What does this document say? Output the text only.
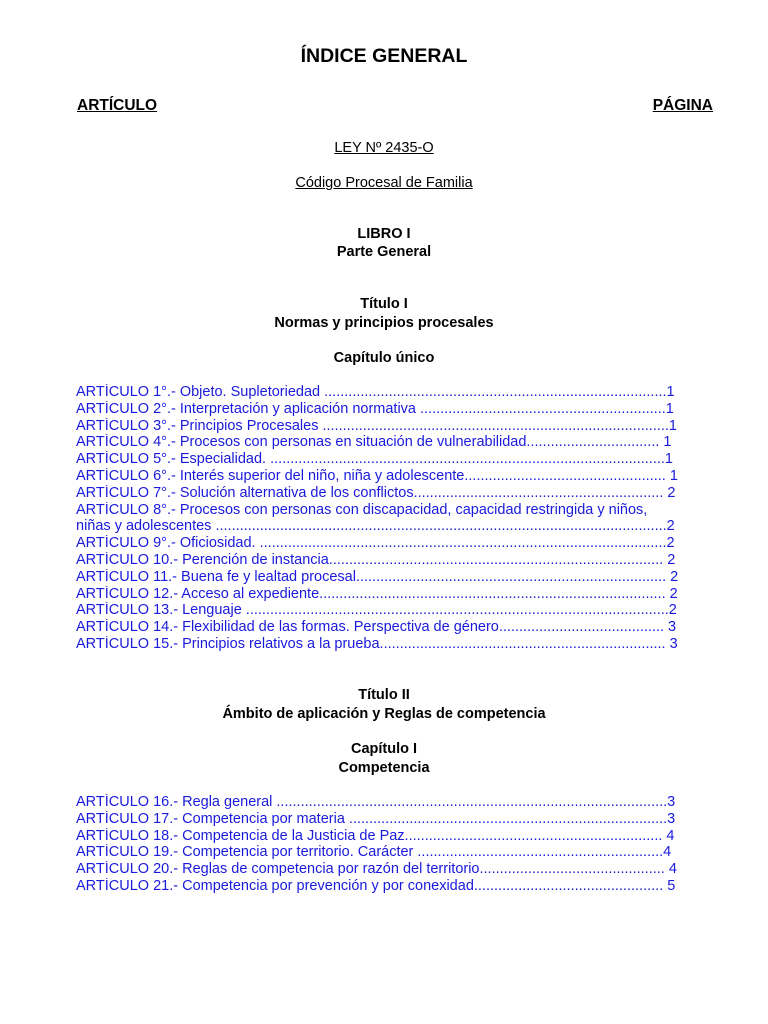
ÍNDICE GENERAL
ARTÍCULO	PÁGINA
LEY Nº 2435-O
Código Procesal de Familia
LIBRO I
Parte General
Título I
Normas y principios procesales
Capítulo único
ARTÍCULO 1°.- Objeto. Supletoriedad .....................................................................................1
ARTÍCULO 2°.- Interpretación y aplicación normativa .............................................................1
ARTÍCULO 3°.- Principios Procesales ......................................................................................1
ARTÍCULO 4°.- Procesos con personas en situación de vulnerabilidad................................. 1
ARTÍCULO 5°.- Especialidad. ..................................................................................................1
ARTÍCULO 6°.- Interés superior del niño, niña y adolescente.................................................. 1
ARTÍCULO 7°.- Solución alternativa de los conflictos.............................................................. 2
ARTÍCULO 8°.- Procesos con personas con discapacidad, capacidad restringida y niños,
niñas y adolescentes ................................................................................................................2
ARTÍCULO 9°.- Oficiosidad. .....................................................................................................2
ARTÍCULO 10.- Perención de instancia................................................................................... 2
ARTÍCULO 11.- Buena fe y lealtad procesal............................................................................. 2
ARTÍCULO 12.- Acceso al expediente...................................................................................... 2
ARTÍCULO 13.- Lenguaje .........................................................................................................2
ARTÍCULO 14.- Flexibilidad de las formas. Perspectiva de género......................................... 3
ARTÍCULO 15.- Principios relativos a la prueba....................................................................... 3
Título II
Ámbito de aplicación y Reglas de competencia
Capítulo I
Competencia
ARTÍCULO 16.- Regla general .................................................................................................3
ARTÍCULO 17.- Competencia por materia ...............................................................................3
ARTÍCULO 18.- Competencia de la Justicia de Paz................................................................ 4
ARTÍCULO 19.- Competencia por territorio. Carácter .............................................................4
ARTÍCULO 20.- Reglas de competencia por razón del territorio.............................................. 4
ARTÍCULO 21.- Competencia por prevención y por conexidad............................................... 5
